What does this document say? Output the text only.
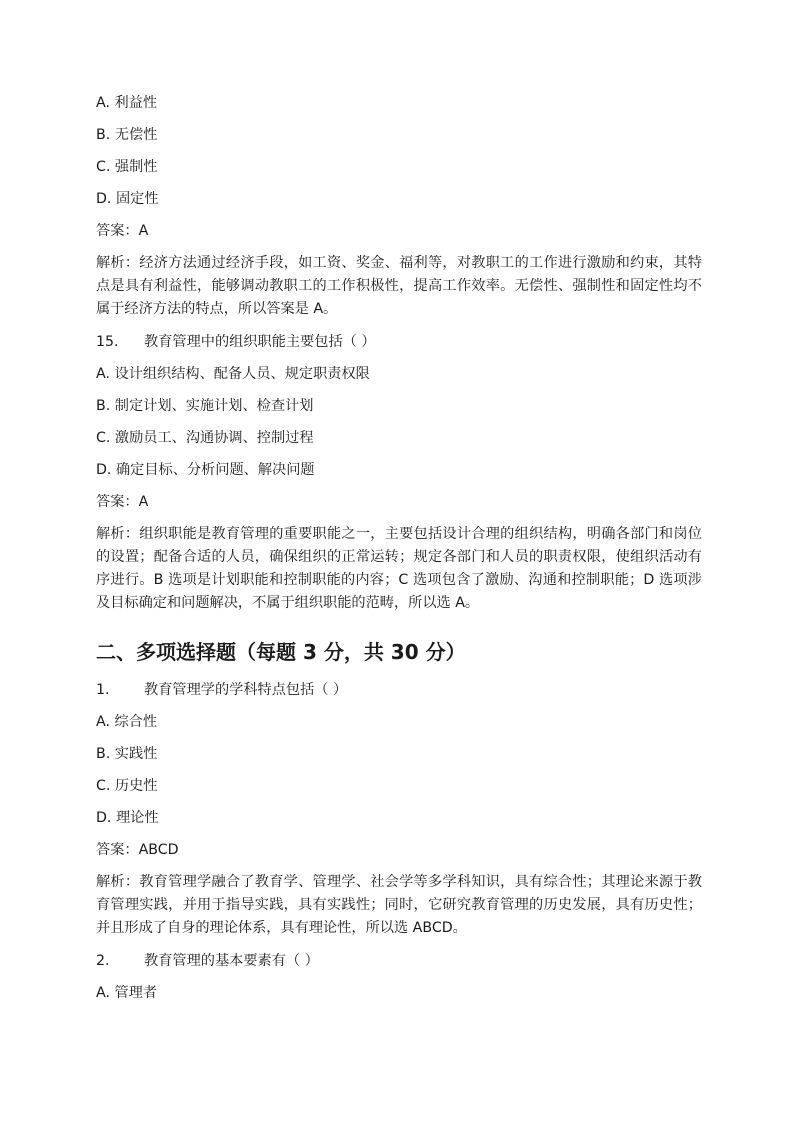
A. 利益性
B. 无偿性
C. 强制性
D. 固定性
答案：A
解析：经济方法通过经济手段，如工资、奖金、福利等，对教职工的工作进行激励和约束，其特点是具有利益性，能够调动教职工的工作积极性，提高工作效率。无偿性、强制性和固定性均不属于经济方法的特点，所以答案是 A。
15. 教育管理中的组织职能主要包括（ ）
A. 设计组织结构、配备人员、规定职责权限
B. 制定计划、实施计划、检查计划
C. 激励员工、沟通协调、控制过程
D. 确定目标、分析问题、解决问题
答案：A
解析：组织职能是教育管理的重要职能之一，主要包括设计合理的组织结构，明确各部门和岗位的设置；配备合适的人员，确保组织的正常运转；规定各部门和人员的职责权限，使组织活动有序进行。B 选项是计划职能和控制职能的内容；C 选项包含了激励、沟通和控制职能；D 选项涉及目标确定和问题解决，不属于组织职能的范畴，所以选 A。
二、多项选择题（每题 3 分，共 30 分）
1. 教育管理学的学科特点包括（ ）
A. 综合性
B. 实践性
C. 历史性
D. 理论性
答案：ABCD
解析：教育管理学融合了教育学、管理学、社会学等多学科知识，具有综合性；其理论来源于教育管理实践，并用于指导实践，具有实践性；同时，它研究教育管理的历史发展，具有历史性；并且形成了自身的理论体系，具有理论性，所以选 ABCD。
2. 教育管理的基本要素有（ ）
A. 管理者
